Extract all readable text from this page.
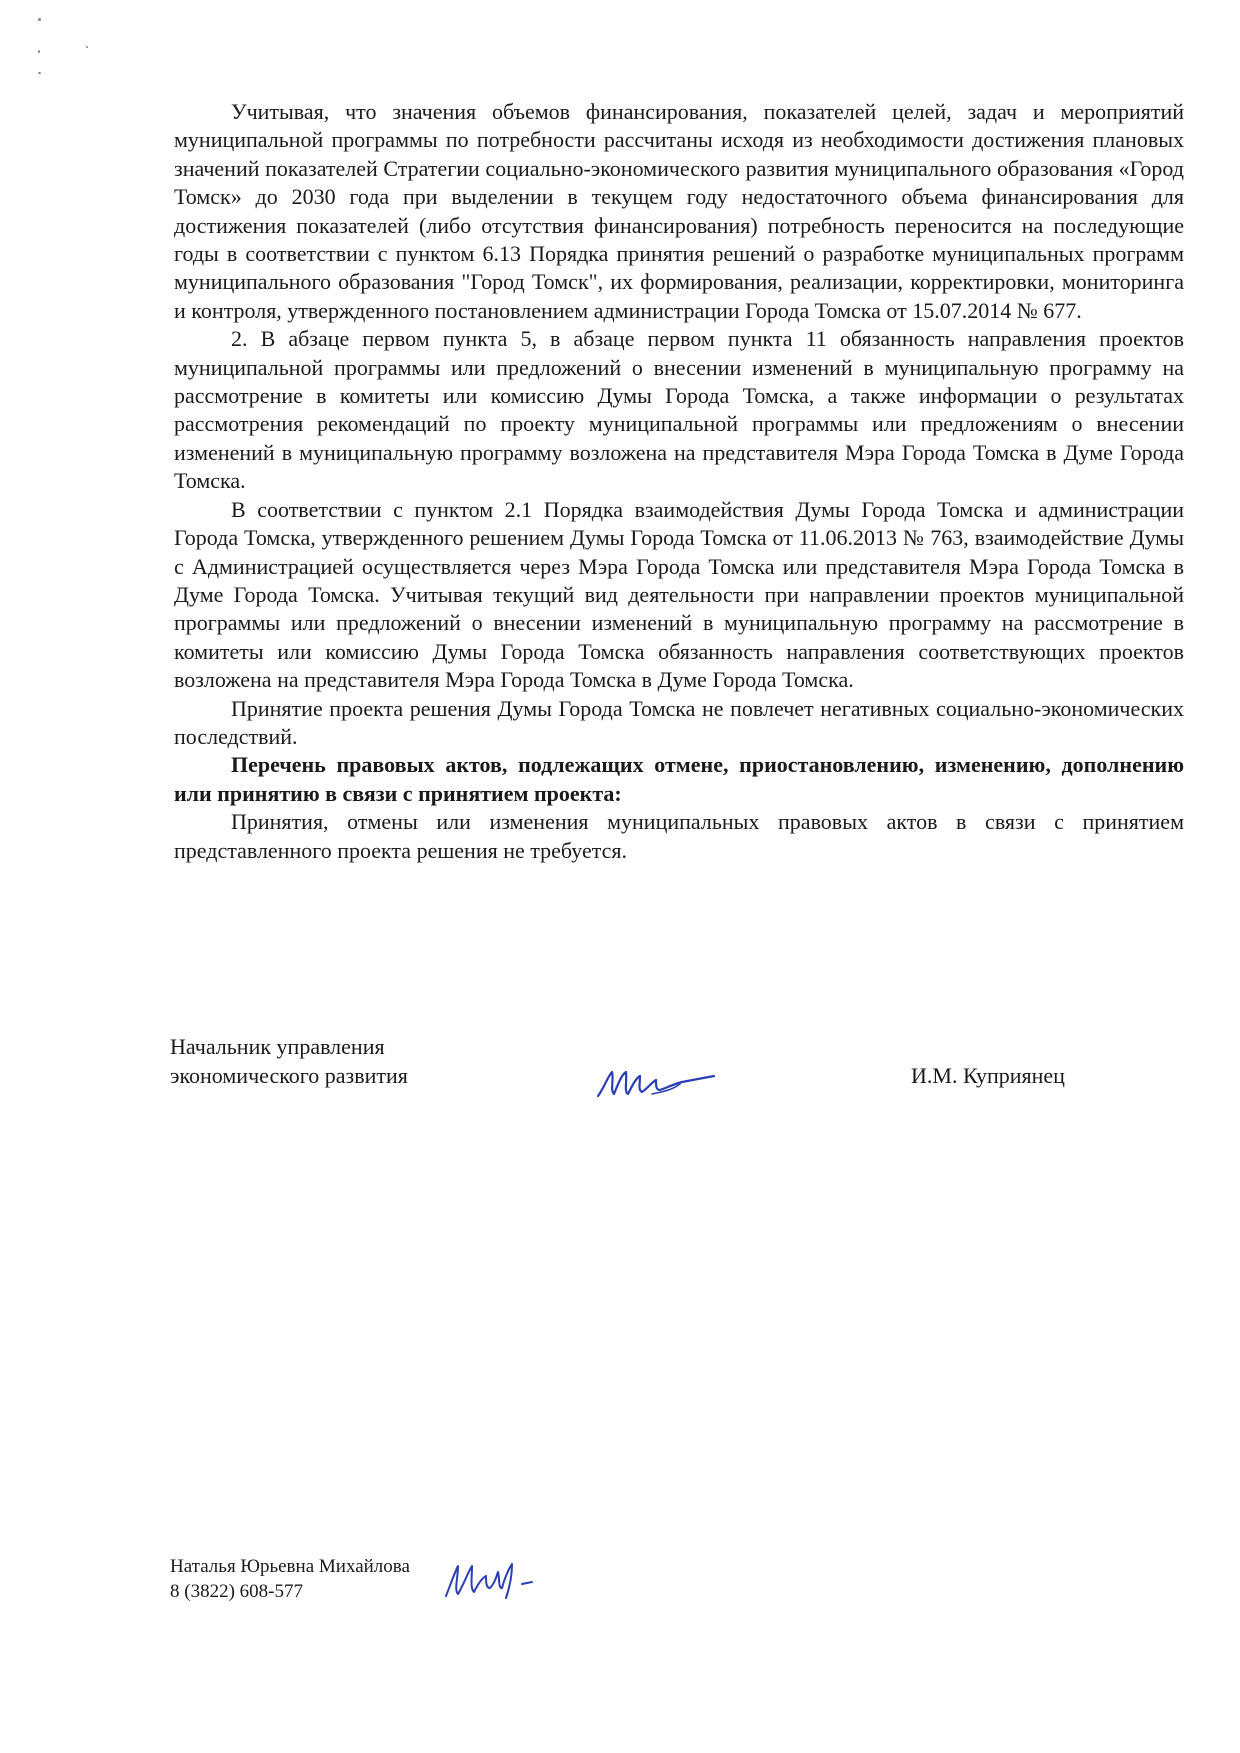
Учитывая, что значения объемов финансирования, показателей целей, задач и мероприятий муниципальной программы по потребности рассчитаны исходя из необходимости достижения плановых значений показателей Стратегии социально-экономического развития муниципального образования «Город Томск» до 2030 года при выделении в текущем году недостаточного объема финансирования для достижения показателей (либо отсутствия финансирования) потребность переносится на последующие годы в соответствии с пунктом 6.13 Порядка принятия решений о разработке муниципальных программ муниципального образования "Город Томск", их формирования, реализации, корректировки, мониторинга и контроля, утвержденного постановлением администрации Города Томска от 15.07.2014 № 677.

2. В абзаце первом пункта 5, в абзаце первом пункта 11 обязанность направления проектов муниципальной программы или предложений о внесении изменений в муниципальную программу на рассмотрение в комитеты или комиссию Думы Города Томска, а также информации о результатах рассмотрения рекомендаций по проекту муниципальной программы или предложениям о внесении изменений в муниципальную программу возложена на представителя Мэра Города Томска в Думе Города Томска.

В соответствии с пунктом 2.1 Порядка взаимодействия Думы Города Томска и администрации Города Томска, утвержденного решением Думы Города Томска от 11.06.2013 № 763, взаимодействие Думы с Администрацией осуществляется через Мэра Города Томска или представителя Мэра Города Томска в Думе Города Томска. Учитывая текущий вид деятельности при направлении проектов муниципальной программы или предложений о внесении изменений в муниципальную программу на рассмотрение в комитеты или комиссию Думы Города Томска обязанность направления соответствующих проектов возложена на представителя Мэра Города Томска в Думе Города Томска.

Принятие проекта решения Думы Города Томска не повлечет негативных социально-экономических последствий.

Перечень правовых актов, подлежащих отмене, приостановлению, изменению, дополнению или принятию в связи с принятием проекта:

Принятия, отмены или изменения муниципальных правовых актов в связи с принятием представленного проекта решения не требуется.

Начальник управления
экономического развития	И.М. Куприянец
Наталья Юрьевна Михайлова
8 (3822) 608-577
